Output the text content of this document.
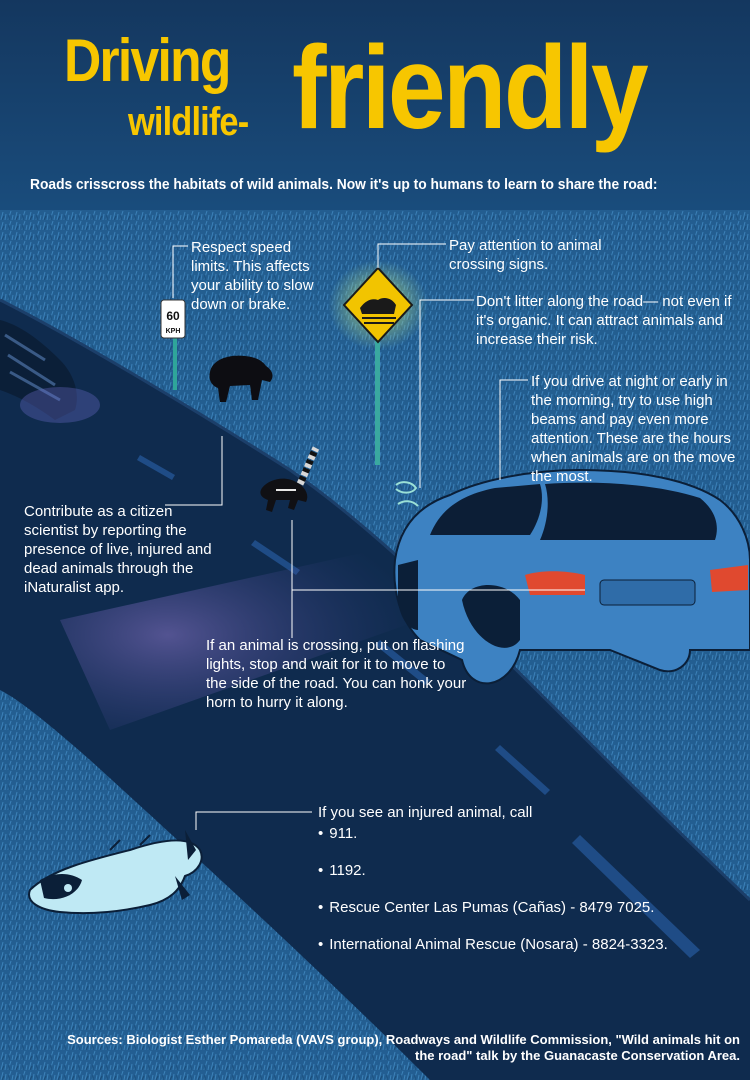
60
KPH

Driving

wildlife- friendly

Roads crisscross the habitats of wild animals. Now it's up to humans to learn to share the road:

Respect speed limits. This affects your ability to slow down or brake.

Pay attention to animal crossing signs.

Don't litter along the road— not even if it's organic. It can attract animals and increase their risk.

If you drive at night or early in the morning, try to use high beams and pay even more attention. These are the hours when animals are on the move the most.

Contribute as a citizen scientist by reporting the presence of live, injured and dead animals through the iNaturalist app.

If an animal is crossing, put on flashing lights, stop and wait for it to move to the side of the road. You can honk your horn to hurry it along.

If you see an injured animal, call

• 911.
• 1192.
• Rescue Center Las Pumas (Cañas) - 8479 7025.
• International Animal Rescue (Nosara) - 8824-3323.

Sources: Biologist Esther Pomareda (VAVS group), Roadways and Wildlife Commission, "Wild animals hit on the road" talk by the Guanacaste Conservation Area.
